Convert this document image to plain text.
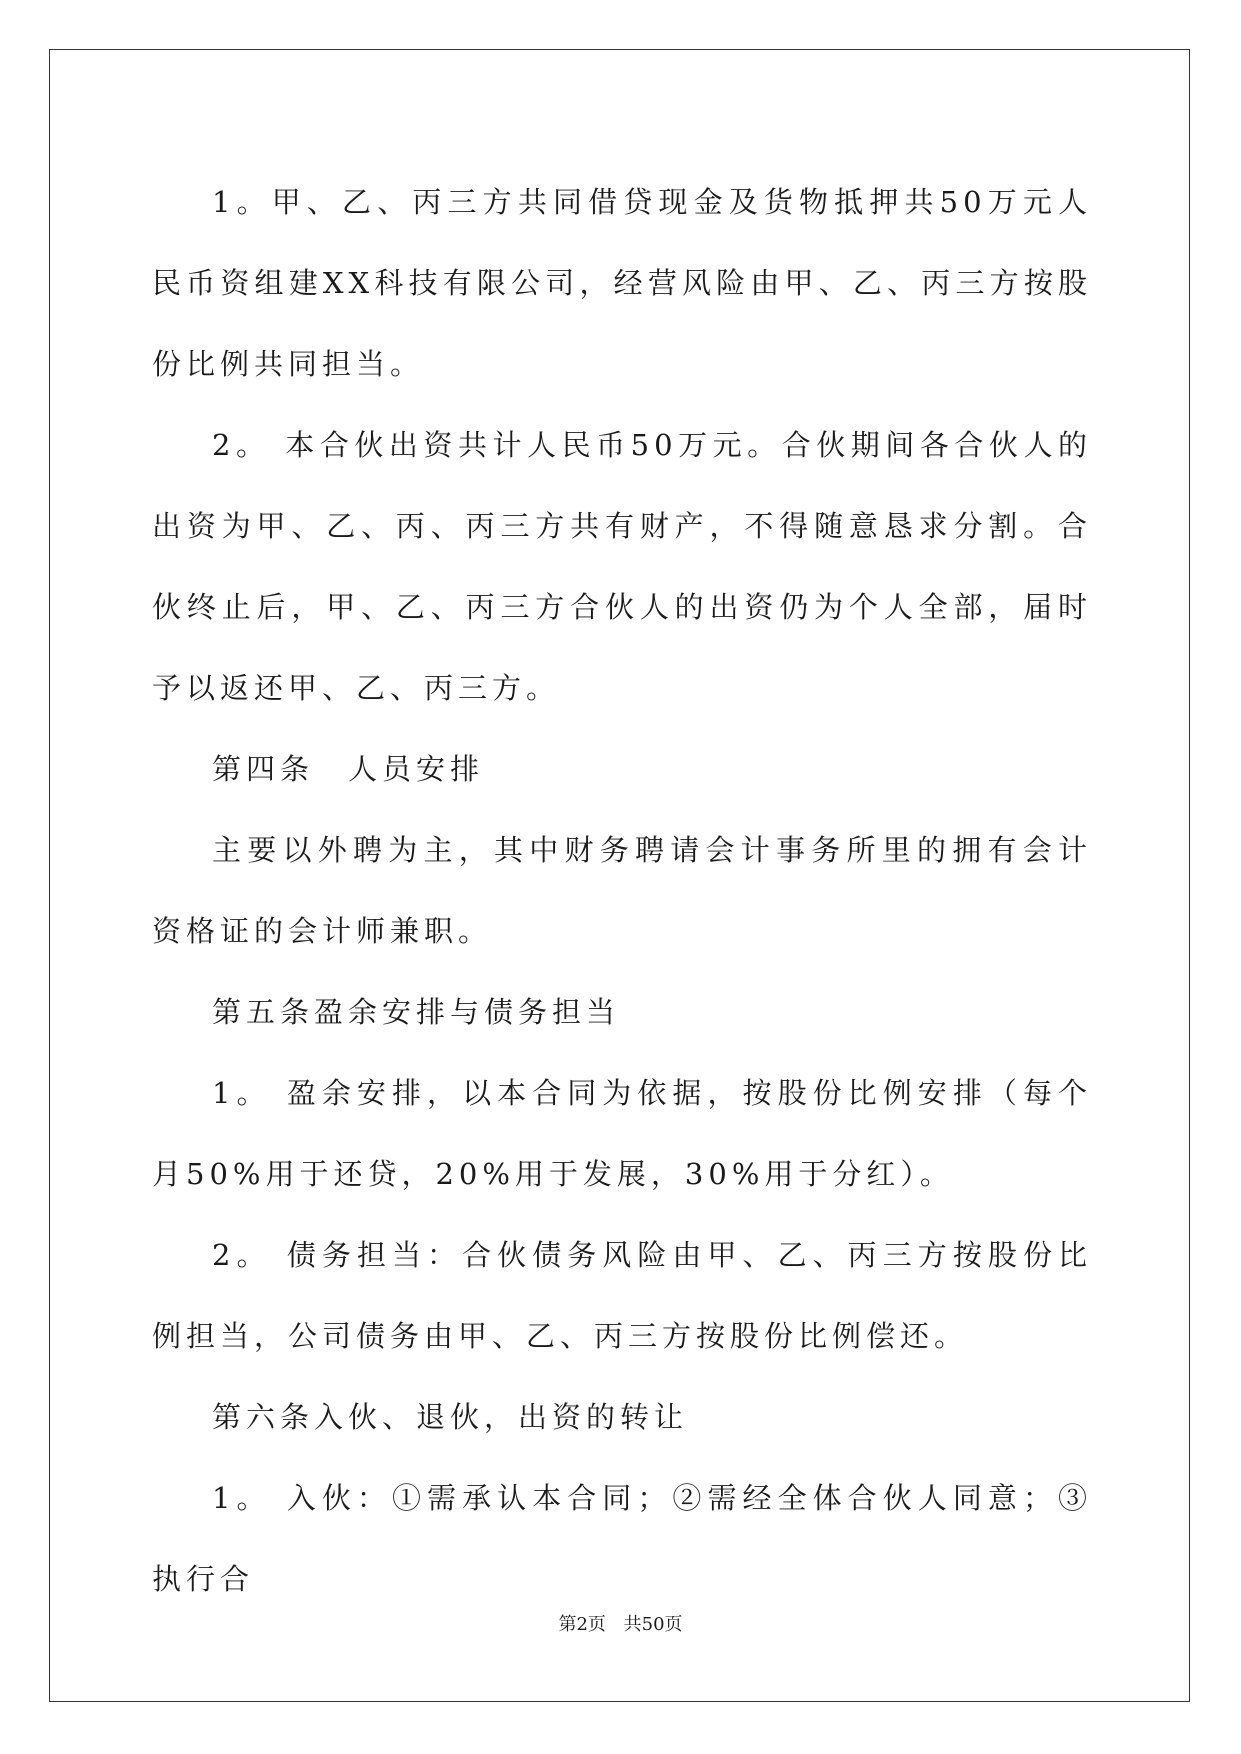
1。甲、乙、丙三方共同借贷现金及货物抵押共50万元人民币资组建XX科技有限公司，经营风险由甲、乙、丙三方按股份比例共同担当。

2。 本合伙出资共计人民币50万元。合伙期间各合伙人的出资为甲、乙、丙、丙三方共有财产，不得随意恳求分割。合伙终止后，甲、乙、丙三方合伙人的出资仍为个人全部，届时予以返还甲、乙、丙三方。

第四条　人员安排

主要以外聘为主，其中财务聘请会计事务所里的拥有会计资格证的会计师兼职。

第五条盈余安排与债务担当

1。 盈余安排，以本合同为依据，按股份比例安排（每个月50%用于还贷，20%用于发展，30%用于分红）。

2。 债务担当：合伙债务风险由甲、乙、丙三方按股份比例担当，公司债务由甲、乙、丙三方按股份比例偿还。

第六条入伙、退伙，出资的转让

1。 入伙：①需承认本合同；②需经全体合伙人同意；③执行合

第2页 共50页
